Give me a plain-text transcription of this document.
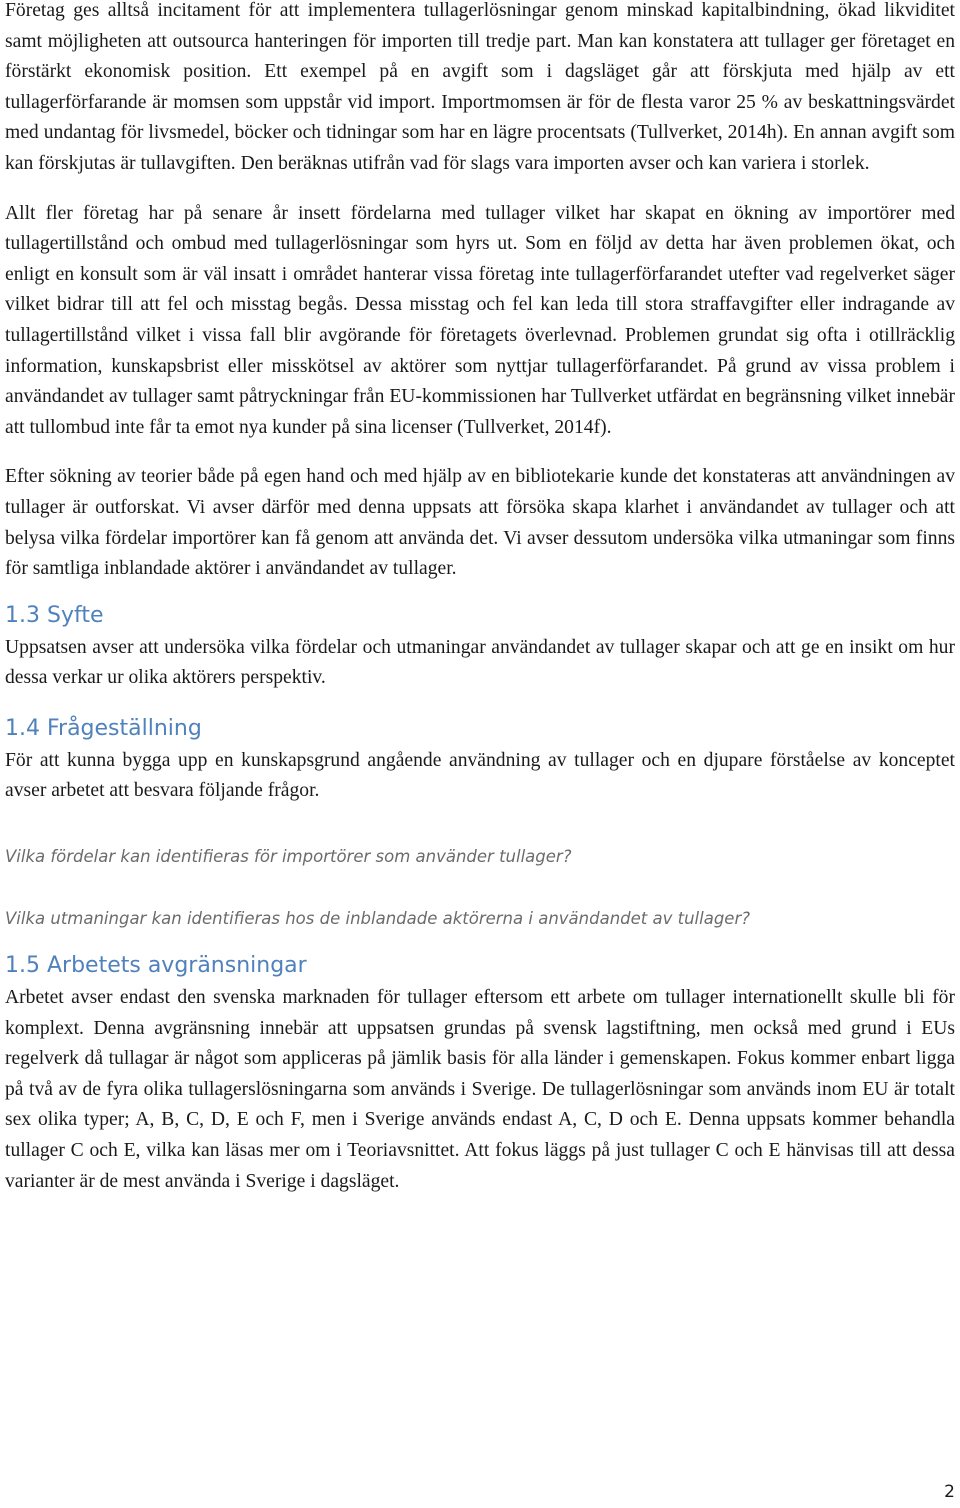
Företag ges alltså incitament för att implementera tullagerlösningar genom minskad kapitalbindning, ökad likviditet samt möjligheten att outsourca hanteringen för importen till tredje part. Man kan konstatera att tullager ger företaget en förstärkt ekonomisk position. Ett exempel på en avgift som i dagsläget går att förskjuta med hjälp av ett tullagerförfarande är momsen som uppstår vid import. Importmomsen är för de flesta varor 25 % av beskattningsvärdet med undantag för livsmedel, böcker och tidningar som har en lägre procentsats (Tullverket, 2014h). En annan avgift som kan förskjutas är tullavgiften. Den beräknas utifrån vad för slags vara importen avser och kan variera i storlek.

Allt fler företag har på senare år insett fördelarna med tullager vilket har skapat en ökning av importörer med tullagertillstånd och ombud med tullagerlösningar som hyrs ut. Som en följd av detta har även problemen ökat, och enligt en konsult som är väl insatt i området hanterar vissa företag inte tullagerförfarandet utefter vad regelverket säger vilket bidrar till att fel och misstag begås. Dessa misstag och fel kan leda till stora straffavgifter eller indragande av tullagertillstånd vilket i vissa fall blir avgörande för företagets överlevnad. Problemen grundat sig ofta i otillräcklig information, kunskapsbrist eller misskötsel av aktörer som nyttjar tullagerförfarandet. På grund av vissa problem i användandet av tullager samt påtryckningar från EU-kommissionen har Tullverket utfärdat en begränsning vilket innebär att tullombud inte får ta emot nya kunder på sina licenser (Tullverket, 2014f).

Efter sökning av teorier både på egen hand och med hjälp av en bibliotekarie kunde det konstateras att användningen av tullager är outforskat. Vi avser därför med denna uppsats att försöka skapa klarhet i användandet av tullager och att belysa vilka fördelar importörer kan få genom att använda det. Vi avser dessutom undersöka vilka utmaningar som finns för samtliga inblandade aktörer i användandet av tullager.

1.3 Syfte

Uppsatsen avser att undersöka vilka fördelar och utmaningar användandet av tullager skapar och att ge en insikt om hur dessa verkar ur olika aktörers perspektiv.

1.4 Frågeställning

För att kunna bygga upp en kunskapsgrund angående användning av tullager och en djupare förståelse av konceptet avser arbetet att besvara följande frågor.

Vilka fördelar kan identifieras för importörer som använder tullager?

Vilka utmaningar kan identifieras hos de inblandade aktörerna i användandet av tullager?

1.5 Arbetets avgränsningar

Arbetet avser endast den svenska marknaden för tullager eftersom ett arbete om tullager internationellt skulle bli för komplext. Denna avgränsning innebär att uppsatsen grundas på svensk lagstiftning, men också med grund i EUs regelverk då tullagar är något som appliceras på jämlik basis för alla länder i gemenskapen. Fokus kommer enbart ligga på två av de fyra olika tullagerslösningarna som används i Sverige. De tullagerlösningar som används inom EU är totalt sex olika typer; A, B, C, D, E och F, men i Sverige används endast A, C, D och E. Denna uppsats kommer behandla tullager C och E, vilka kan läsas mer om i Teoriavsnittet. Att fokus läggs på just tullager C och E hänvisas till att dessa varianter är de mest använda i Sverige i dagsläget.

2
